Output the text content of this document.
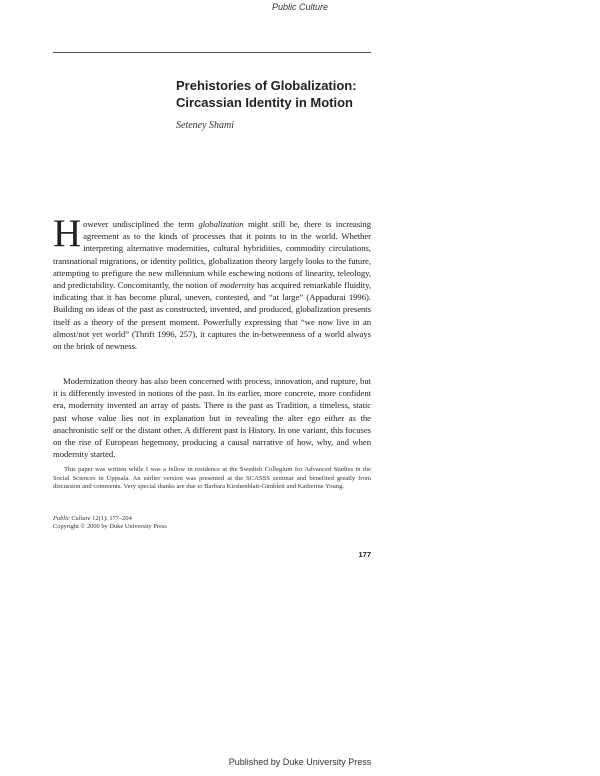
Public Culture
Prehistories of Globalization:
Circassian Identity in Motion
Seteney Shami
However undisciplined the term globalization might still be, there is increasing agreement as to the kinds of processes that it points to in the world. Whether interpreting alternative modernities, cultural hybridities, commodity circulations, transnational migrations, or identity politics, globalization theory largely looks to the future, attempting to prefigure the new millennium while eschewing notions of linearity, teleology, and predictability. Concomitantly, the notion of modernity has acquired remarkable fluidity, indicating that it has become plural, uneven, contested, and “at large” (Appadurai 1996). Building on ideas of the past as constructed, invented, and produced, globalization presents itself as a theory of the present moment. Powerfully expressing that “we now live in an almost/not yet world” (Thrift 1996, 257), it captures the in-betweenness of a world always on the brink of newness.
Modernization theory has also been concerned with process, innovation, and rupture, but it is differently invested in notions of the past. In its earlier, more concrete, more confident era, modernity invented an array of pasts. There is the past as Tradition, a timeless, static past whose value lies not in explanation but in revealing the alter ego either as the anachronistic self or the distant other. A different past is History. In one variant, this focuses on the rise of European hegemony, producing a causal narrative of how, why, and when modernity started.

This paper was written while I was a fellow in residence at the Swedish Collegium for Advanced Studies in the Social Sciences in Uppsala. An earlier version was presented at the SCASSS seminar and benefited greatly from discussion and comments. Very special thanks are due to Barbara Kirshenblatt-Gimblett and Katherine Young.

Public Culture 12(1): 177–204
Copyright © 2000 by Duke University Press
177
Published by Duke University Press
